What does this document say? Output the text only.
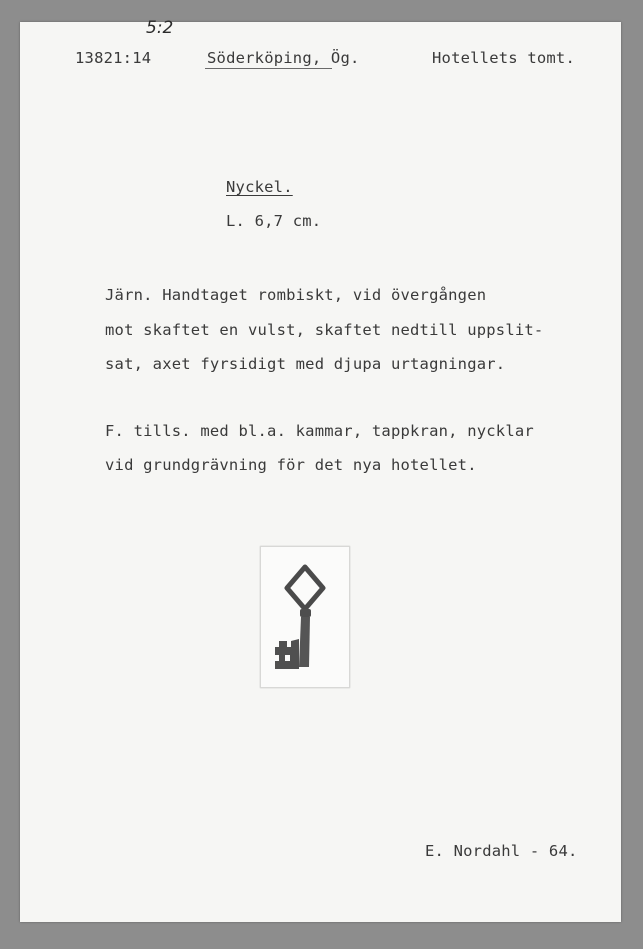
5:2
13821:14	Söderköping, Ög.	Hotellets tomt.
Nyckel.
L. 6,7 cm.
Järn. Handtaget rombiskt, vid övergången
mot skaftet en vulst, skaftet nedtill uppslit-
sat, axet fyrsidigt med djupa urtagningar.
F. tills. med bl.a. kammar, tappkran, nycklar
vid grundgrävning för det nya hotellet.
E. Nordahl - 64.
